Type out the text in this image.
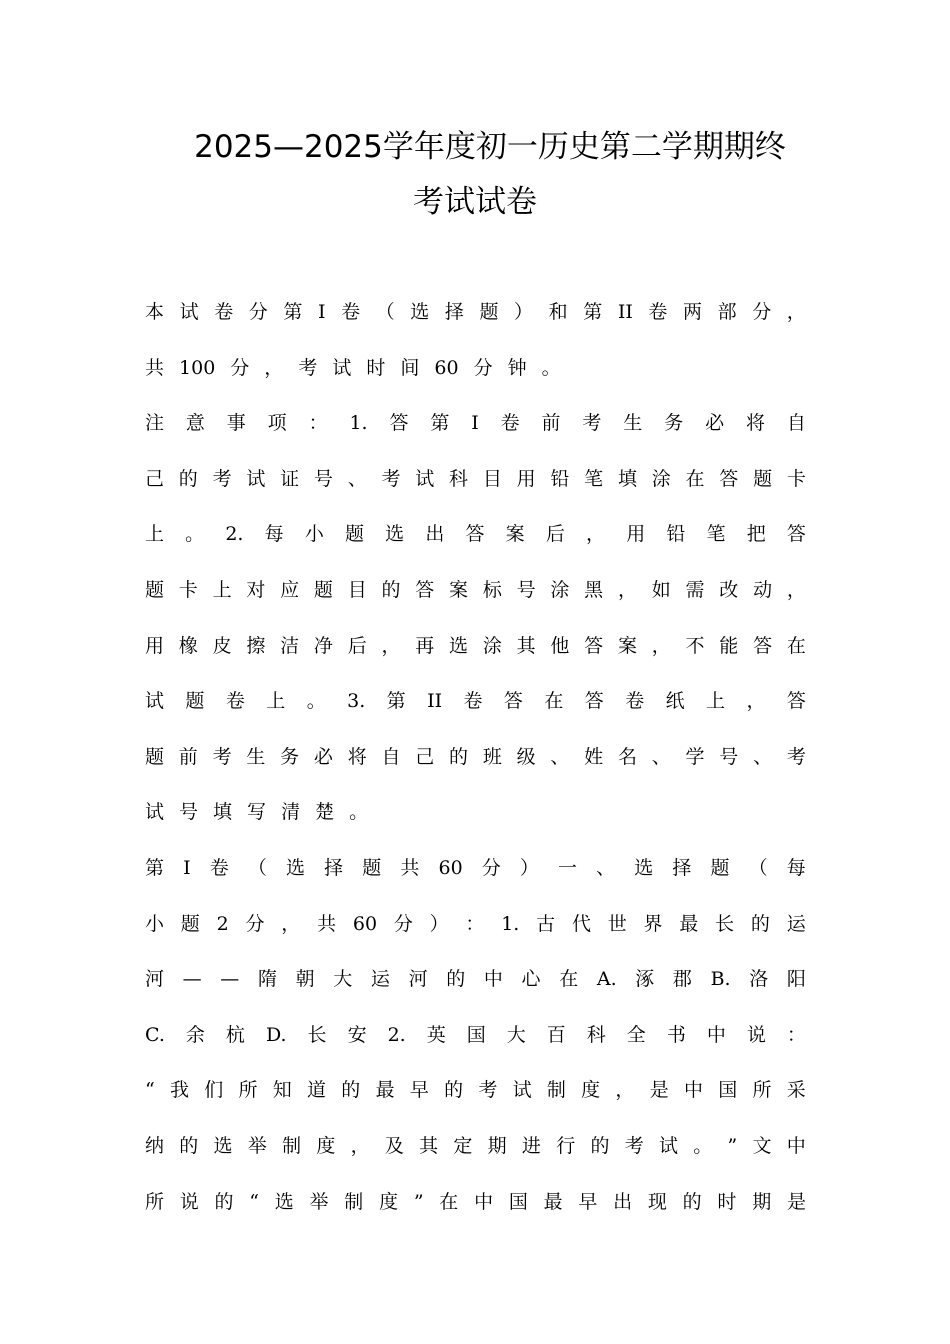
2025—2025学年度初一历史第二学期期终
考试试卷
本 试 卷 分 第 I 卷 （ 选 择 题 ） 和 第 II 卷 两 部 分 ，
共 100 分 ， 考 试 时 间 60 分 钟 。
注 意 事 项 ： 1. 答 第 I 卷 前 考 生 务 必 将 自
己 的 考 试 证 号 、 考 试 科 目 用 铅 笔 填 涂 在 答 题 卡
上 。 2. 每 小 题 选 出 答 案 后 ， 用 铅 笔 把 答
题 卡 上 对 应 题 目 的 答 案 标 号 涂 黑 ， 如 需 改 动 ，
用 橡 皮 擦 洁 净 后 ， 再 选 涂 其 他 答 案 ， 不 能 答 在
试 题 卷 上 。 3. 第 II 卷 答 在 答 卷 纸 上 ， 答
题 前 考 生 务 必 将 自 己 的 班 级 、 姓 名 、 学 号 、 考
试 号 填 写 清 楚 。
第 I 卷 （ 选 择 题 共 60 分 ） 一 、 选 择 题 （ 每
小 题 2 分 ， 共 60 分 ） ： 1. 古 代 世 界 最 长 的 运
河 — — 隋 朝 大 运 河 的 中 心 在 A. 涿 郡 B. 洛 阳
C. 余 杭 D. 长 安 2. 英 国 大 百 科 全 书 中 说 ：
“ 我 们 所 知 道 的 最 早 的 考 试 制 度 ， 是 中 国 所 采
纳 的 选 举 制 度 ， 及 其 定 期 进 行 的 考 试 。 ” 文 中
所 说 的 “ 选 举 制 度 ” 在 中 国 最 早 出 现 的 时 期 是
